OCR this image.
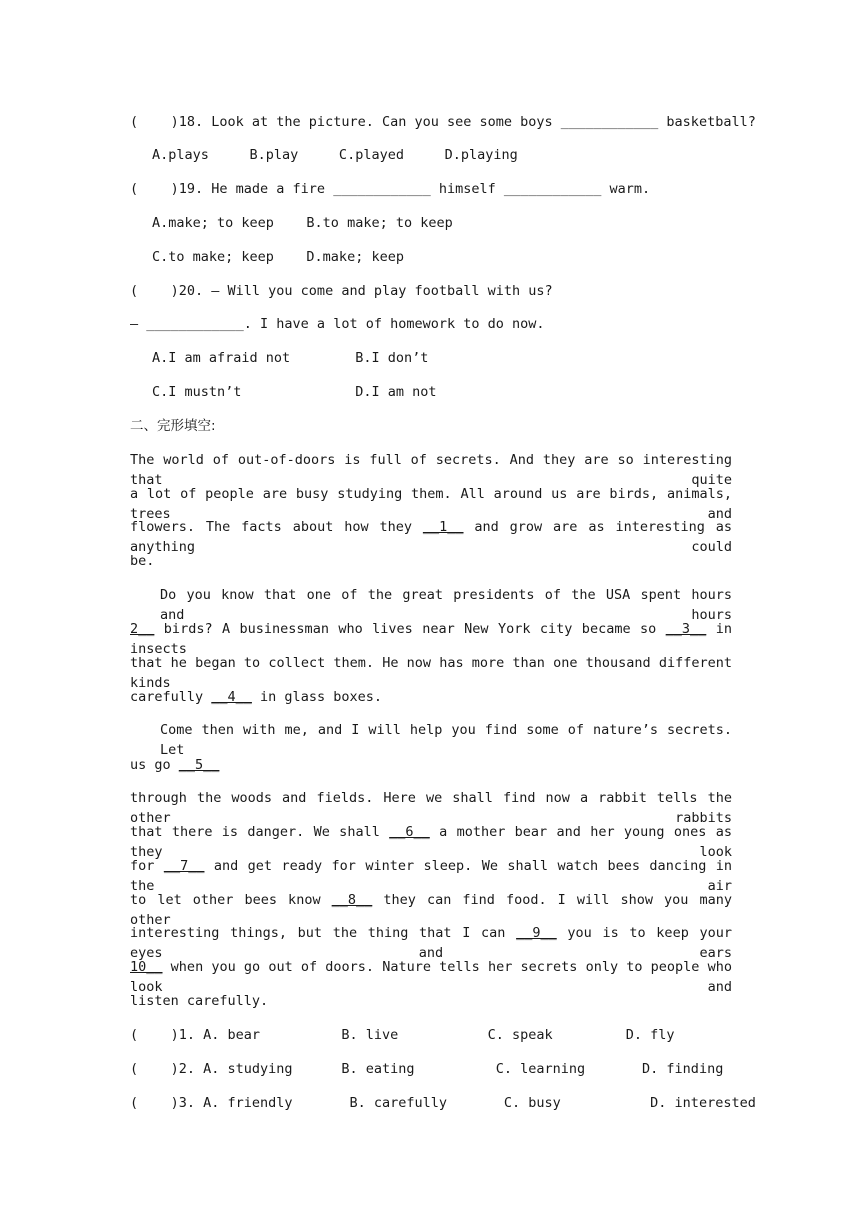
(    )18. Look at the picture. Can you see some boys ____________ basketball?
A.plays     B.play     C.played     D.playing
(    )19. He made a fire ____________ himself ____________ warm.
A.make; to keep    B.to make; to keep
C.to make; keep    D.make; keep
(    )20. — Will you come and play football with us?
— ____________. I have a lot of homework to do now.
A.I am afraid not        B.I don’t
C.I mustn’t              D.I am not
二、完形填空:
The world of out-of-doors is full of secrets. And they are so interesting that quite
a lot of people are busy studying them. All around us are birds, animals, trees and
flowers. The facts about how they __1__ and grow are as interesting as anything could
be.
Do you know that one of the great presidents of the USA spent hours and hours
2__ birds? A businessman who lives near New York city became so __3__ in insects
that he began to collect them. He now has more than one thousand different kinds
carefully __4__ in glass boxes.
Come then with me, and I will help you find some of nature’s secrets. Let
us go __5__
through the woods and fields. Here we shall find now a rabbit tells the other rabbits
that there is danger. We shall __6__ a mother bear and her young ones as they look
for __7__ and get ready for winter sleep. We shall watch bees dancing in the air
to let other bees know __8__ they can find food. I will show you many other
interesting things, but the thing that I can __9__ you is to keep your eyes and ears
10__ when you go out of doors. Nature tells her secrets only to people who look and
listen carefully.
(    )1. A. bear          B. live           C. speak         D. fly
(    )2. A. studying      B. eating          C. learning       D. finding
(    )3. A. friendly       B. carefully       C. busy           D. interested
